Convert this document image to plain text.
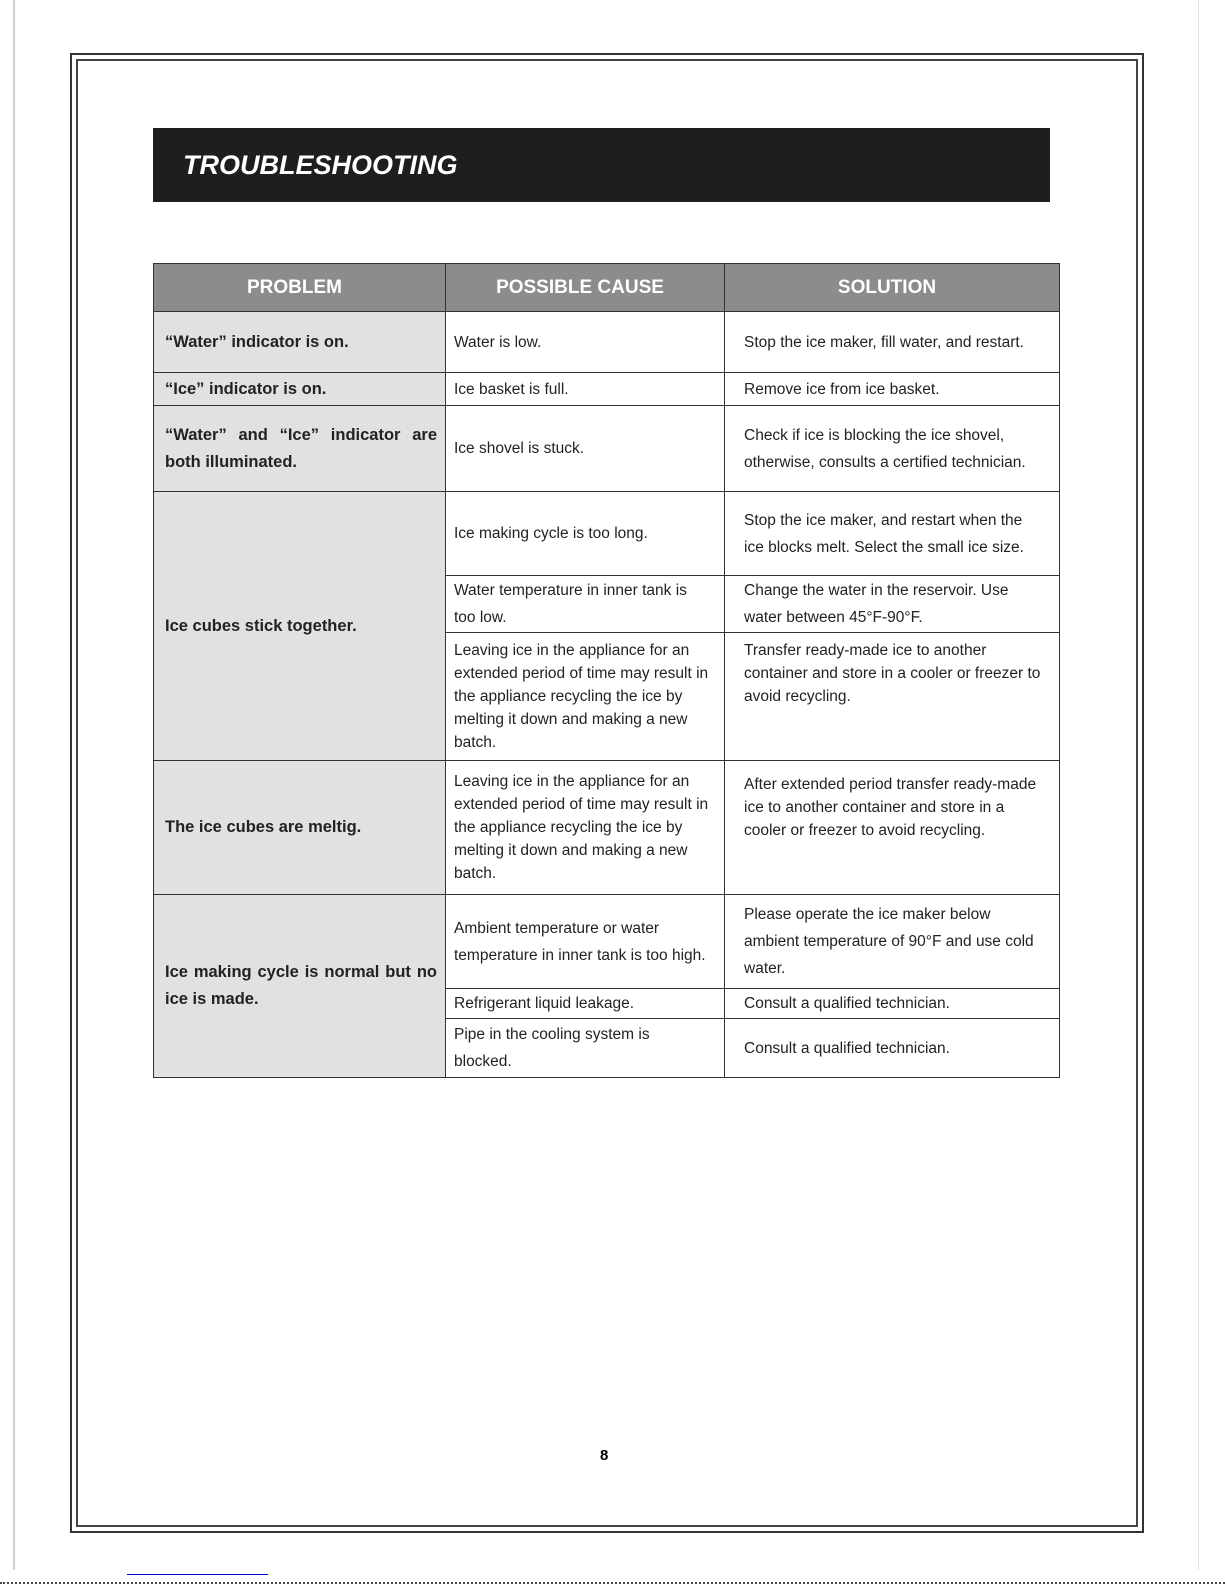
TROUBLESHOOTING
PROBLEM	POSSIBLE CAUSE	SOLUTION
“Water” indicator is on.	Water is low.	Stop the ice maker, fill water, and restart.
“Ice” indicator is on.	Ice basket is full.	Remove ice from ice basket.
“Water” and “Ice” indicator are both illuminated.	Ice shovel is stuck.	Check if ice is blocking the ice shovel, otherwise, consults a certified technician.
Ice cubes stick together.	Ice making cycle is too long.	Stop the ice maker, and restart when the ice blocks melt. Select the small ice size.
	Water temperature in inner tank is too low.	Change the water in the reservoir. Use water between 45°F-90°F.
	Leaving ice in the appliance for an extended period of time may result in the appliance recycling the ice by melting it down and making a new batch.	Transfer ready-made ice to another container and store in a cooler or freezer to avoid recycling.
The ice cubes are meltig.	Leaving ice in the appliance for an extended period of time may result in the appliance recycling the ice by melting it down and making a new batch.	After extended period transfer ready-made ice to another container and store in a cooler or freezer to avoid recycling.
Ice making cycle is normal but no ice is made.	Ambient temperature or water temperature in inner tank is too high.	Please operate the ice maker below ambient temperature of 90°F and use cold water.
	Refrigerant liquid leakage.	Consult a qualified technician.
	Pipe in the cooling system is blocked.	Consult a qualified technician.
8
